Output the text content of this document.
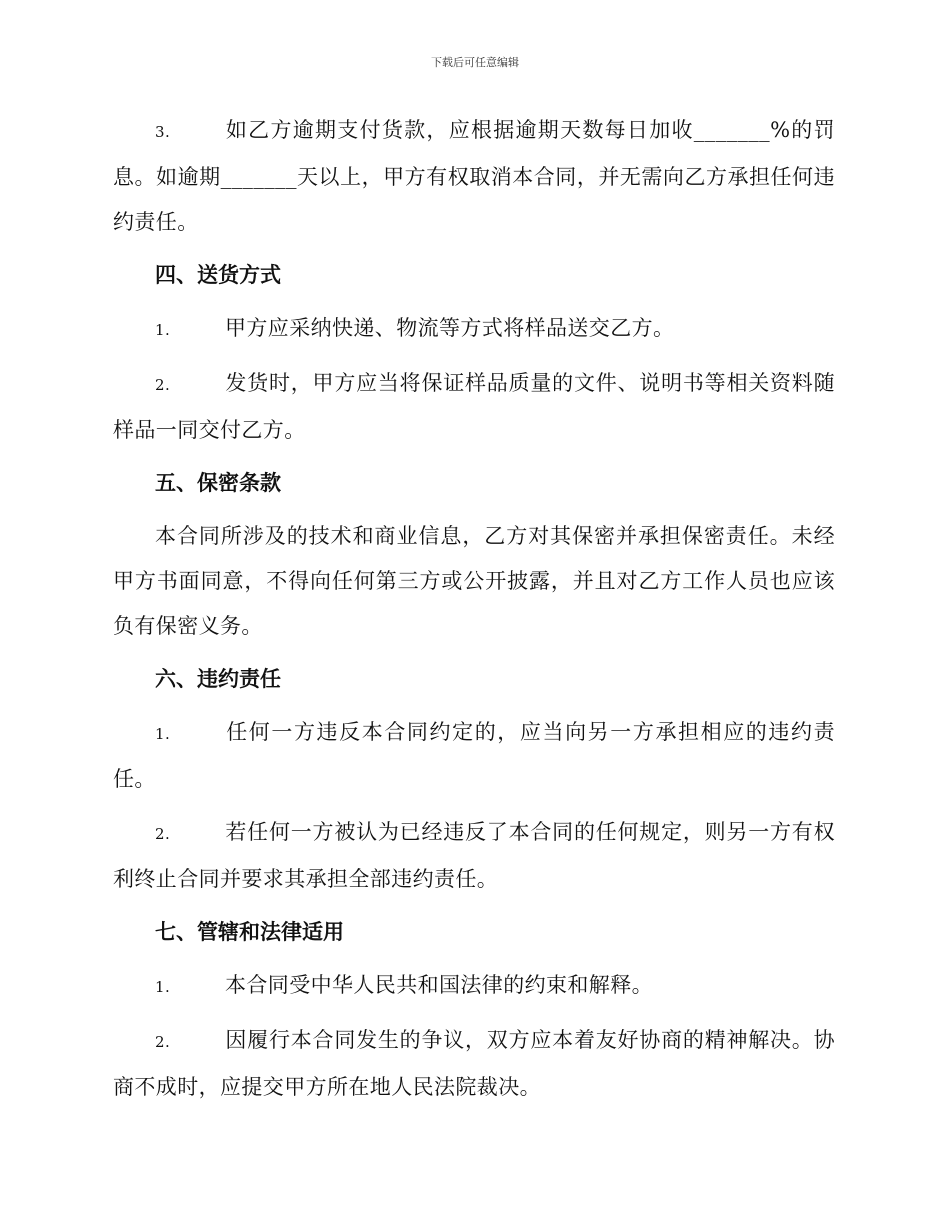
下载后可任意编辑

3.	如乙方逾期支付货款，应根据逾期天数每日加收_______%的罚息。如逾期_______天以上，甲方有权取消本合同，并无需向乙方承担任何违约责任。

四、送货方式

1.	甲方应采纳快递、物流等方式将样品送交乙方。

2.	发货时，甲方应当将保证样品质量的文件、说明书等相关资料随样品一同交付乙方。

五、保密条款

本合同所涉及的技术和商业信息，乙方对其保密并承担保密责任。未经甲方书面同意，不得向任何第三方或公开披露，并且对乙方工作人员也应该负有保密义务。

六、违约责任

1.	任何一方违反本合同约定的，应当向另一方承担相应的违约责任。

2.	若任何一方被认为已经违反了本合同的任何规定，则另一方有权利终止合同并要求其承担全部违约责任。

七、管辖和法律适用

1.	本合同受中华人民共和国法律的约束和解释。

2.	因履行本合同发生的争议，双方应本着友好协商的精神解决。协商不成时，应提交甲方所在地人民法院裁决。
